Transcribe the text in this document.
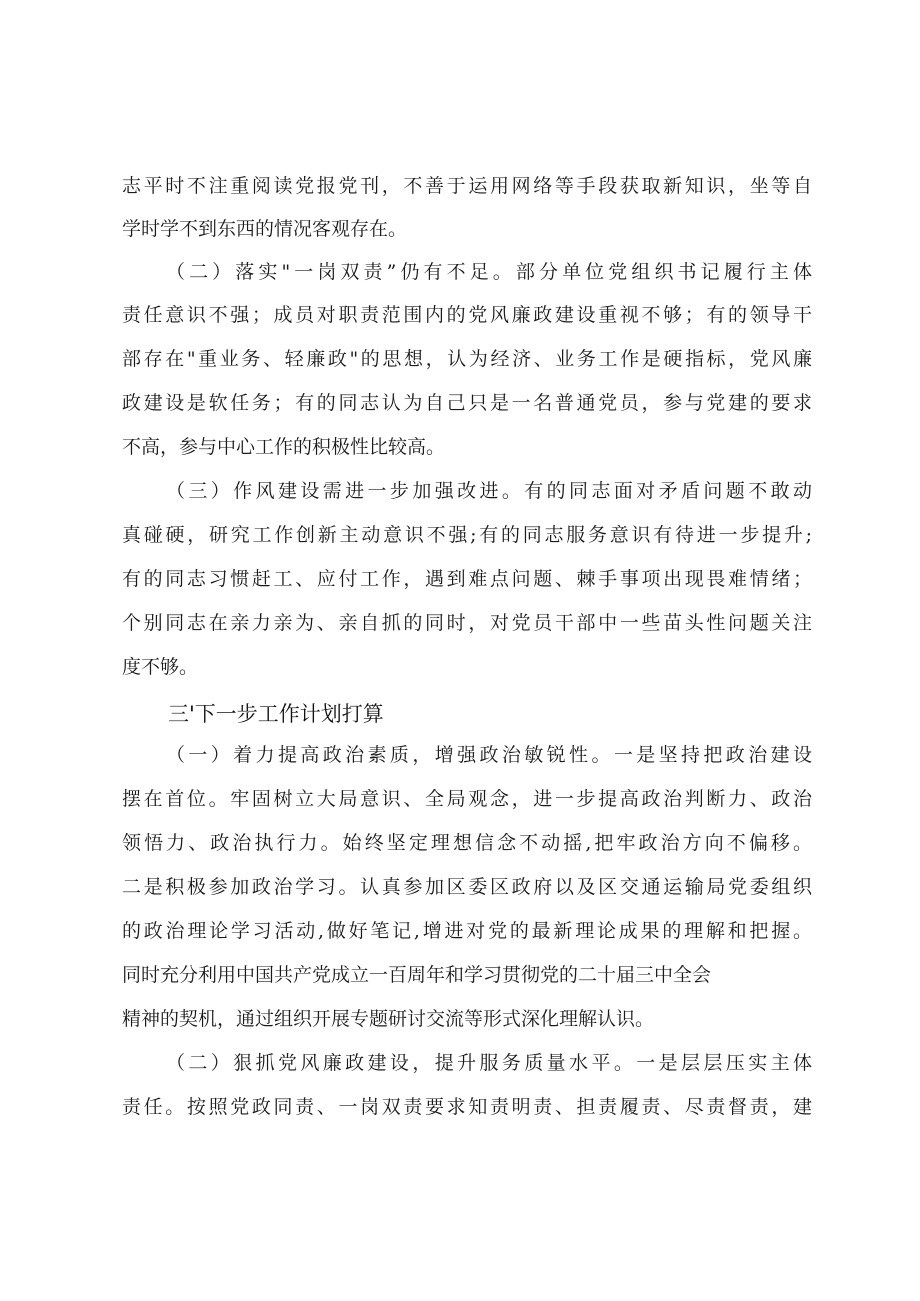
志平时不注重阅读党报党刊，不善于运用网络等手段获取新知识，坐等自
学时学不到东西的情况客观存在。
（二）落实"一岗双责”仍有不足。部分单位党组织书记履行主体
责任意识不强；成员对职责范围内的党风廉政建设重视不够；有的领导干
部存在"重业务、轻廉政"的思想，认为经济、业务工作是硬指标，党风廉
政建设是软任务；有的同志认为自己只是一名普通党员，参与党建的要求
不高，参与中心工作的积极性比较高。
（三）作风建设需进一步加强改进。有的同志面对矛盾问题不敢动
真碰硬，研究工作创新主动意识不强;有的同志服务意识有待进一步提升;
有的同志习惯赶工、应付工作，遇到难点问题、棘手事项出现畏难情绪；
个别同志在亲力亲为、亲自抓的同时，对党员干部中一些苗头性问题关注
度不够。
三'下一步工作计划打算
（一）着力提高政治素质，增强政治敏锐性。一是坚持把政治建设
摆在首位。牢固树立大局意识、全局观念，进一步提高政治判断力、政治
领悟力、政治执行力。始终坚定理想信念不动摇,把牢政治方向不偏移。
二是积极参加政治学习。认真参加区委区政府以及区交通运输局党委组织
的政治理论学习活动,做好笔记,增进对党的最新理论成果的理解和把握。
同时充分利用中国共产党成立一百周年和学习贯彻党的二十届三中全会
精神的契机，通过组织开展专题研讨交流等形式深化理解认识。
（二）狠抓党风廉政建设，提升服务质量水平。一是层层压实主体
责任。按照党政同责、一岗双责要求知责明责、担责履责、尽责督责，建
